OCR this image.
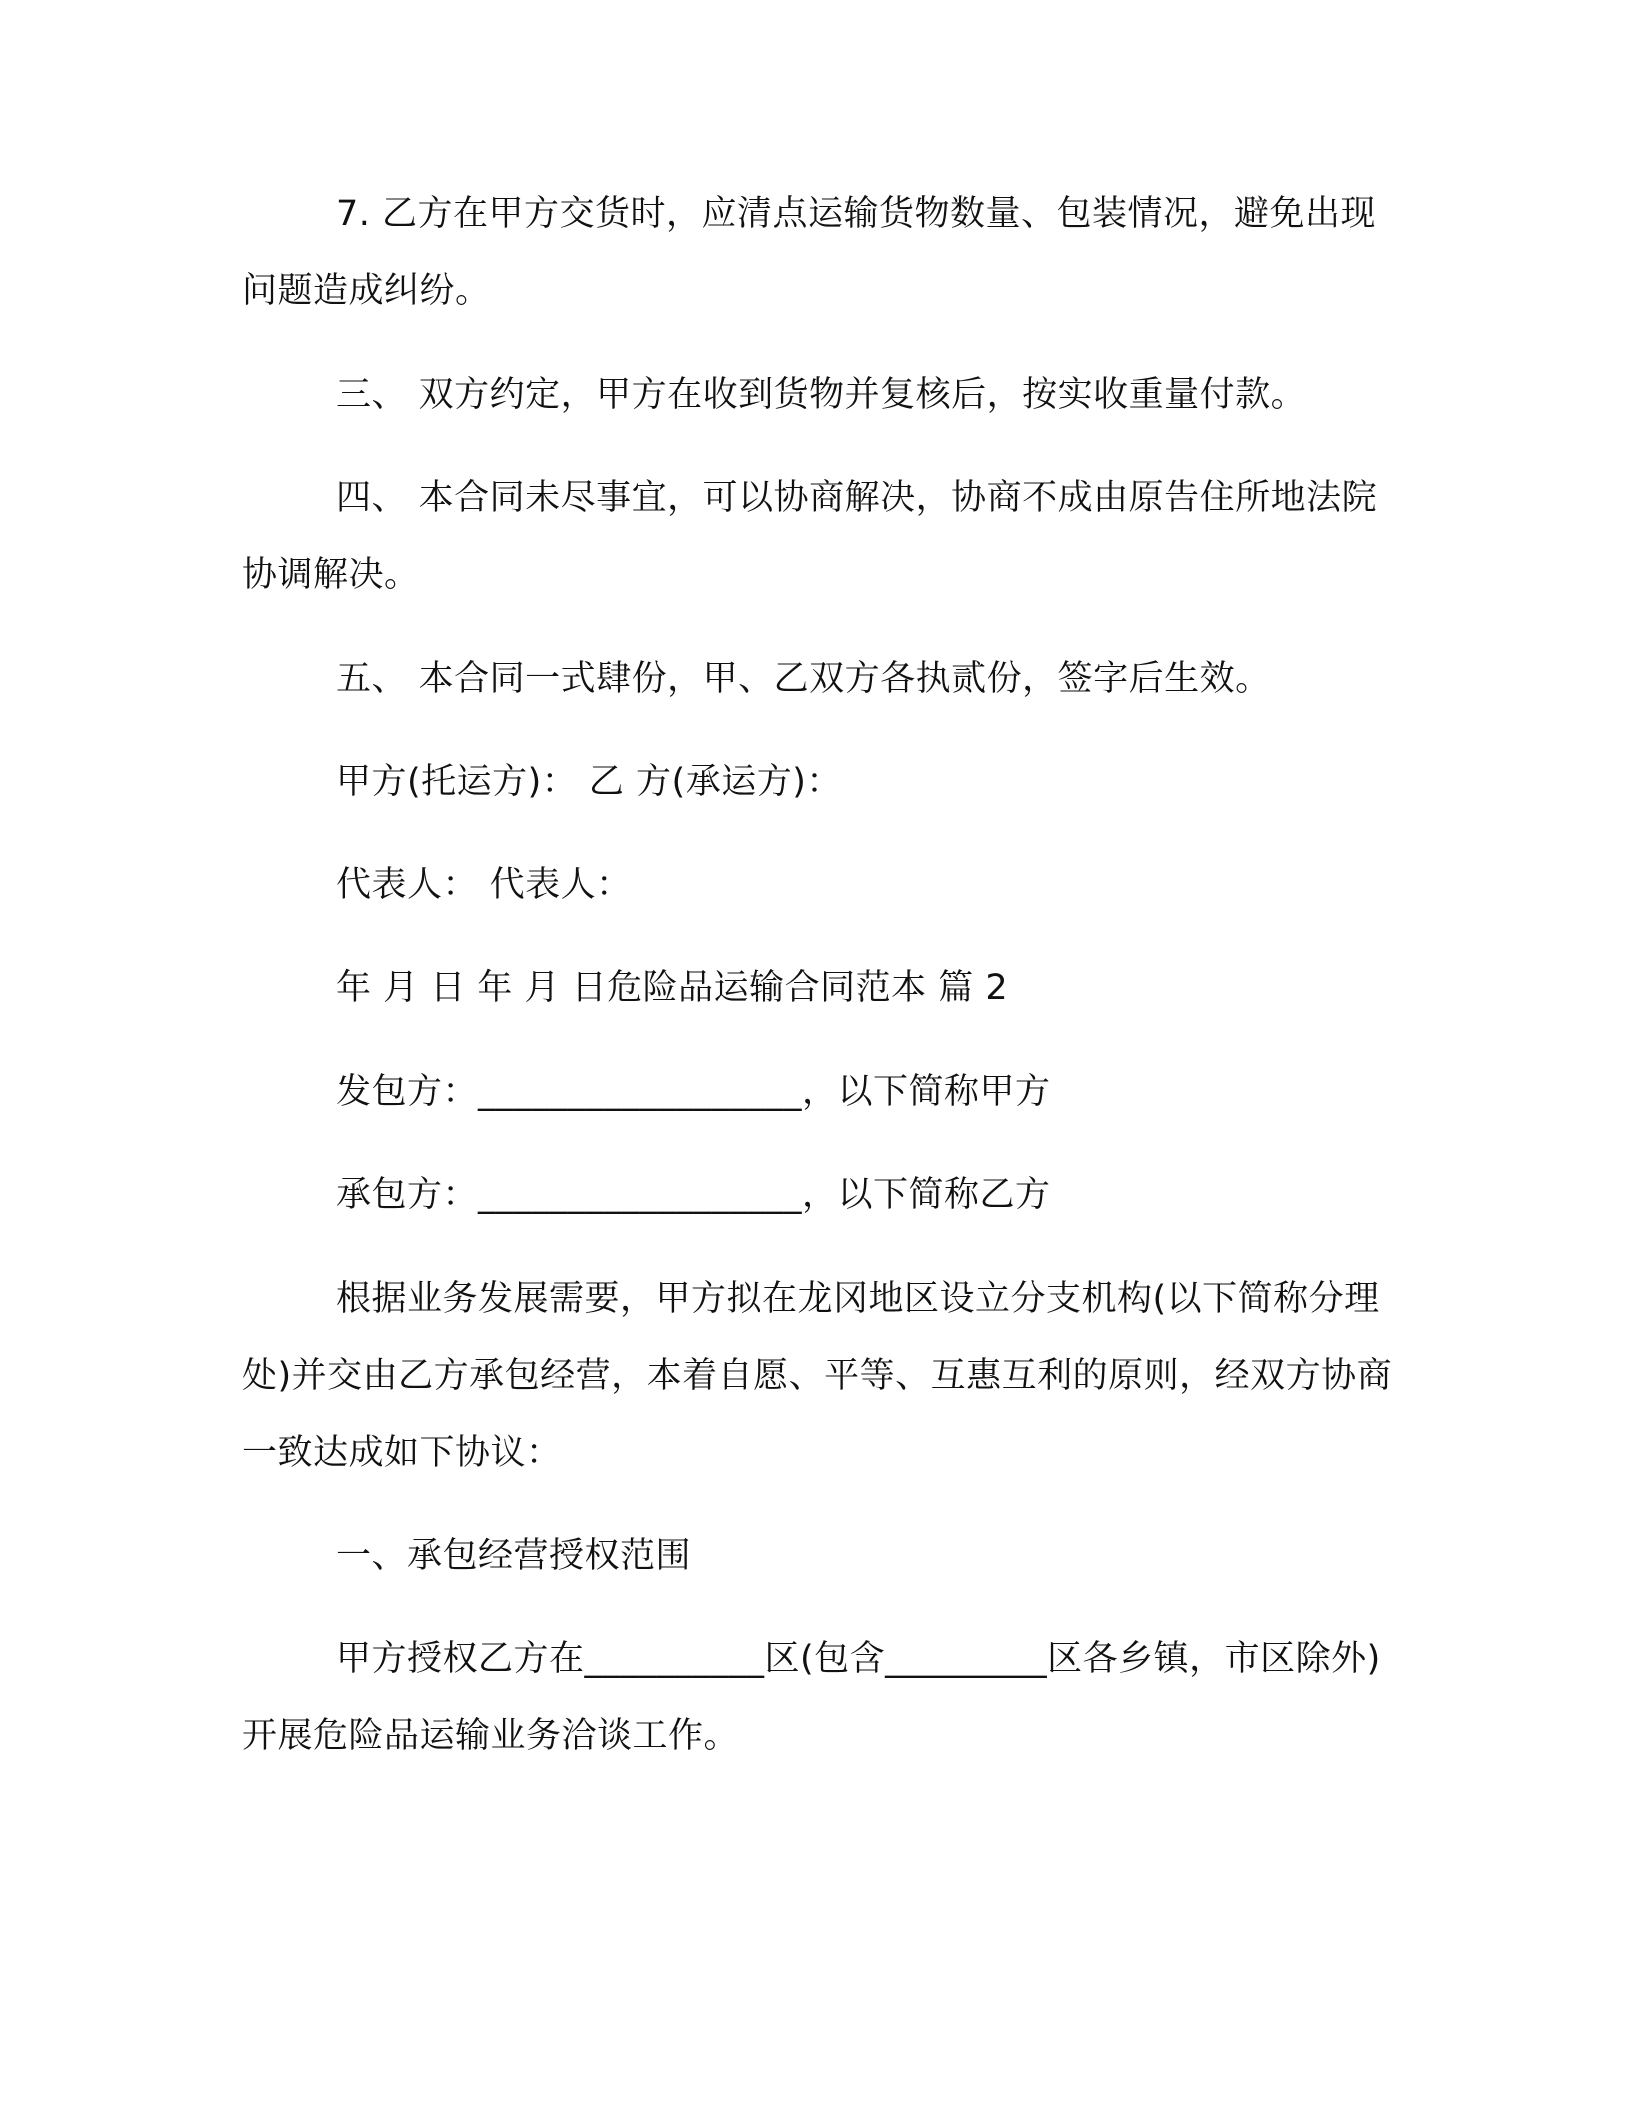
7. 乙方在甲方交货时，应清点运输货物数量、包装情况，避免出现问题造成纠纷。

三、 双方约定，甲方在收到货物并复核后，按实收重量付款。

四、 本合同未尽事宜，可以协商解决，协商不成由原告住所地法院协调解决。

五、 本合同一式肆份，甲、乙双方各执贰份，签字后生效。

甲方(托运方)： 乙 方(承运方)：

代表人： 代表人：

年 月 日 年 月 日危险品运输合同范本 篇 2

发包方：__________________，以下简称甲方

承包方：__________________，以下简称乙方

根据业务发展需要，甲方拟在龙冈地区设立分支机构(以下简称分理处)并交由乙方承包经营，本着自愿、平等、互惠互利的原则，经双方协商一致达成如下协议：

一、承包经营授权范围

甲方授权乙方在__________区(包含_________区各乡镇，市区除外)开展危险品运输业务洽谈工作。
